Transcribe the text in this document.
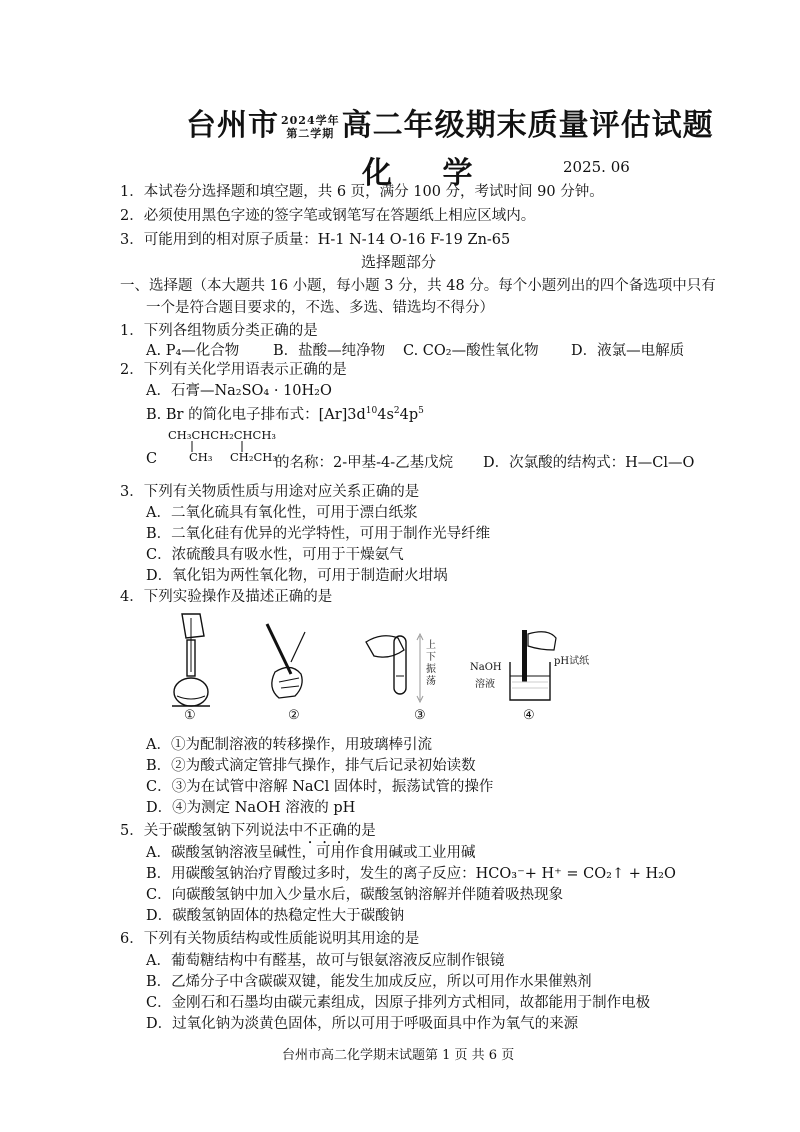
台州市 2024学年
第二学期 高二年级期末质量评估试题
化 学	2025. 06
1．本试卷分选择题和填空题，共 6 页，满分 100 分，考试时间 90 分钟。
2．必须使用黑色字迹的签字笔或钢笔写在答题纸上相应区域内。
3．可能用到的相对原子质量：H-1 N-14 O-16 F-19 Zn-65
选择题部分
一、选择题（本大题共 16 小题，每小题 3 分，共 48 分。每个小题列出的四个备选项中只有
一个是符合题目要求的，不选、多选、错选均不得分）
1．下列各组物质分类正确的是
A. P₄—化合物 B．盐酸—纯净物 C. CO₂—酸性氧化物 D．液氯—电解质
2．下列有关化学用语表示正确的是
A．石膏—Na₂SO₄ · 10H₂O
B. Br 的简化电子排布式：$[Ar]3d^{10}4s^24p^5$
CH₃CHCH₂CHCH₃
CH₃ CH₂CH₃
C	的名称：2-甲基-4-乙基戊烷 D．次氯酸的结构式：H—Cl—O
3．下列有关物质性质与用途对应关系正确的是
A．二氧化硫具有氧化性，可用于漂白纸浆
B．二氧化硅有优异的光学特性，可用于制作光导纤维
C．浓硫酸具有吸水性，可用于干燥氨气
D．氧化铝为两性氧化物，可用于制造耐火坩埚
4．下列实验操作及描述正确的是
上下振荡
NaOH
溶液
pH试纸
①	②	③	④
A．①为配制溶液的转移操作，用玻璃棒引流
B．②为酸式滴定管排气操作，排气后记录初始读数
C．③为在试管中溶解 NaCl 固体时，振荡试管的操作
D．④为测定 NaOH 溶液的 pH
5．关于碳酸氢钠下列说法中不正确的是
A．碳酸氢钠溶液呈碱性，可用作食用碱或工业用碱
B．用碳酸氢钠治疗胃酸过多时，发生的离子反应：HCO₃⁻+ H⁺ = CO₂↑ + H₂O
C．向碳酸氢钠中加入少量水后，碳酸氢钠溶解并伴随着吸热现象
D．碳酸氢钠固体的热稳定性大于碳酸钠
6．下列有关物质结构或性质能说明其用途的是
A．葡萄糖结构中有醛基，故可与银氨溶液反应制作银镜
B．乙烯分子中含碳碳双键，能发生加成反应，所以可用作水果催熟剂
C．金刚石和石墨均由碳元素组成，因原子排列方式相同，故都能用于制作电极
D．过氧化钠为淡黄色固体，所以可用于呼吸面具中作为氧气的来源
台州市高二化学期末试题第 1 页 共 6 页
